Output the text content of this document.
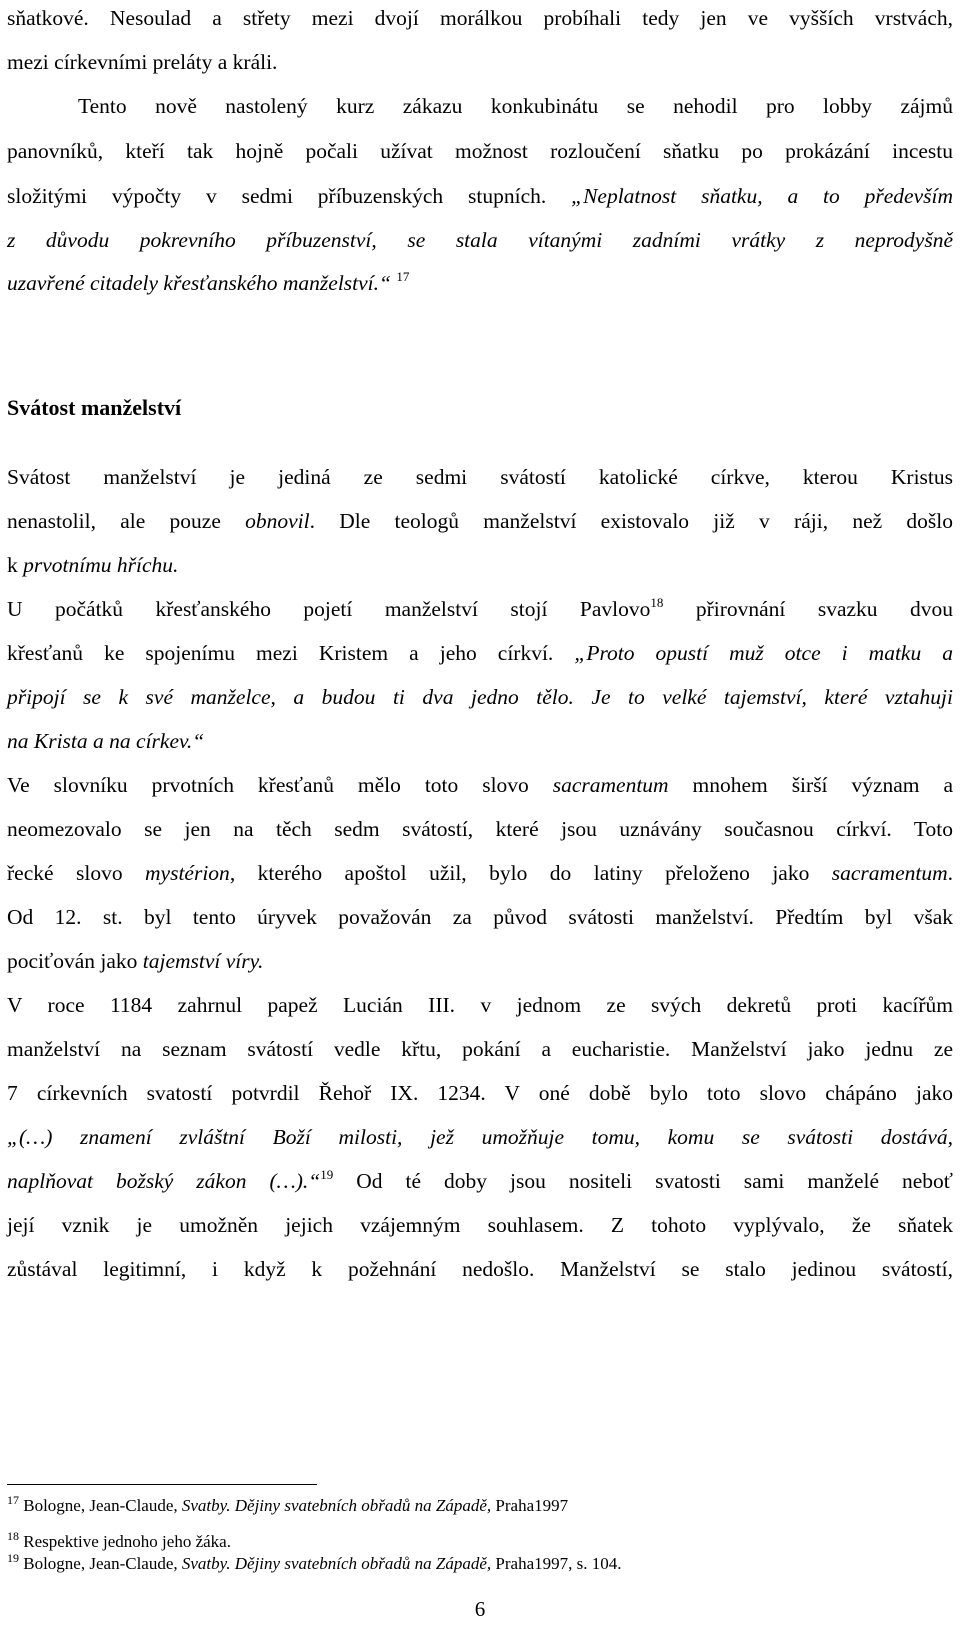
sňatkové. Nesoulad a střety mezi dvojí morálkou probíhali tedy jen ve vyšších vrstvách,
mezi církevními preláty a králi.
Tento nově nastolený kurz zákazu konkubinátu se nehodil pro lobby zájmů
panovníků, kteří tak hojně počali užívat možnost rozloučení sňatku po prokázání incestu
složitými výpočty v sedmi příbuzenských stupních. „Neplatnost sňatku, a to především
z důvodu pokrevního příbuzenství, se stala vítanými zadními vrátky z neprodyšně
uzavřené citadely křesťanského manželství.“ $^{17}$
Svátost manželství
Svátost manželství je jediná ze sedmi svátostí katolické církve, kterou Kristus
nenastolil, ale pouze obnovil. Dle teologů manželství existovalo již v ráji, než došlo
k prvotnímu hříchu.
U počátků křesťanského pojetí manželství stojí Pavlovo$^{18}$ přirovnání svazku dvou
křesťanů ke spojenímu mezi Kristem a jeho církví. „Proto opustí muž otce i matku a
připojí se k své manželce, a budou ti dva jedno tělo. Je to velké tajemství, které vztahuji
na Krista a na církev.“
Ve slovníku prvotních křesťanů mělo toto slovo sacramentum mnohem širší význam a
neomezovalo se jen na těch sedm svátostí, které jsou uznávány současnou církví. Toto
řecké slovo mystérion, kterého apoštol užil, bylo do latiny přeloženo jako sacramentum.
Od 12. st. byl tento úryvek považován za původ svátosti manželství. Předtím byl však
pociťován jako tajemství víry.
V roce 1184 zahrnul papež Lucián III. v jednom ze svých dekretů proti kacířům
manželství na seznam svátostí vedle křtu, pokání a eucharistie. Manželství jako jednu ze
7 církevních svatostí potvrdil Řehoř IX. 1234. V oné době bylo toto slovo chápáno jako
„(…) znamení zvláštní Boží milosti, jež umožňuje tomu, komu se svátosti dostává,
naplňovat božský zákon (…).“$^{19}$ Od té doby jsou nositeli svatosti sami manželé neboť
její vznik je umožněn jejich vzájemným souhlasem. Z tohoto vyplývalo, že sňatek
zůstával legitimní, i když k požehnání nedošlo. Manželství se stalo jedinou svátostí,
$^{17}$ Bologne, Jean-Claude, Svatby. Dějiny svatebních obřadů na Západě, Praha1997
$^{18}$ Respektive jednoho jeho žáka.
$^{19}$ Bologne, Jean-Claude, Svatby. Dějiny svatebních obřadů na Západě, Praha1997, s. 104.
6
